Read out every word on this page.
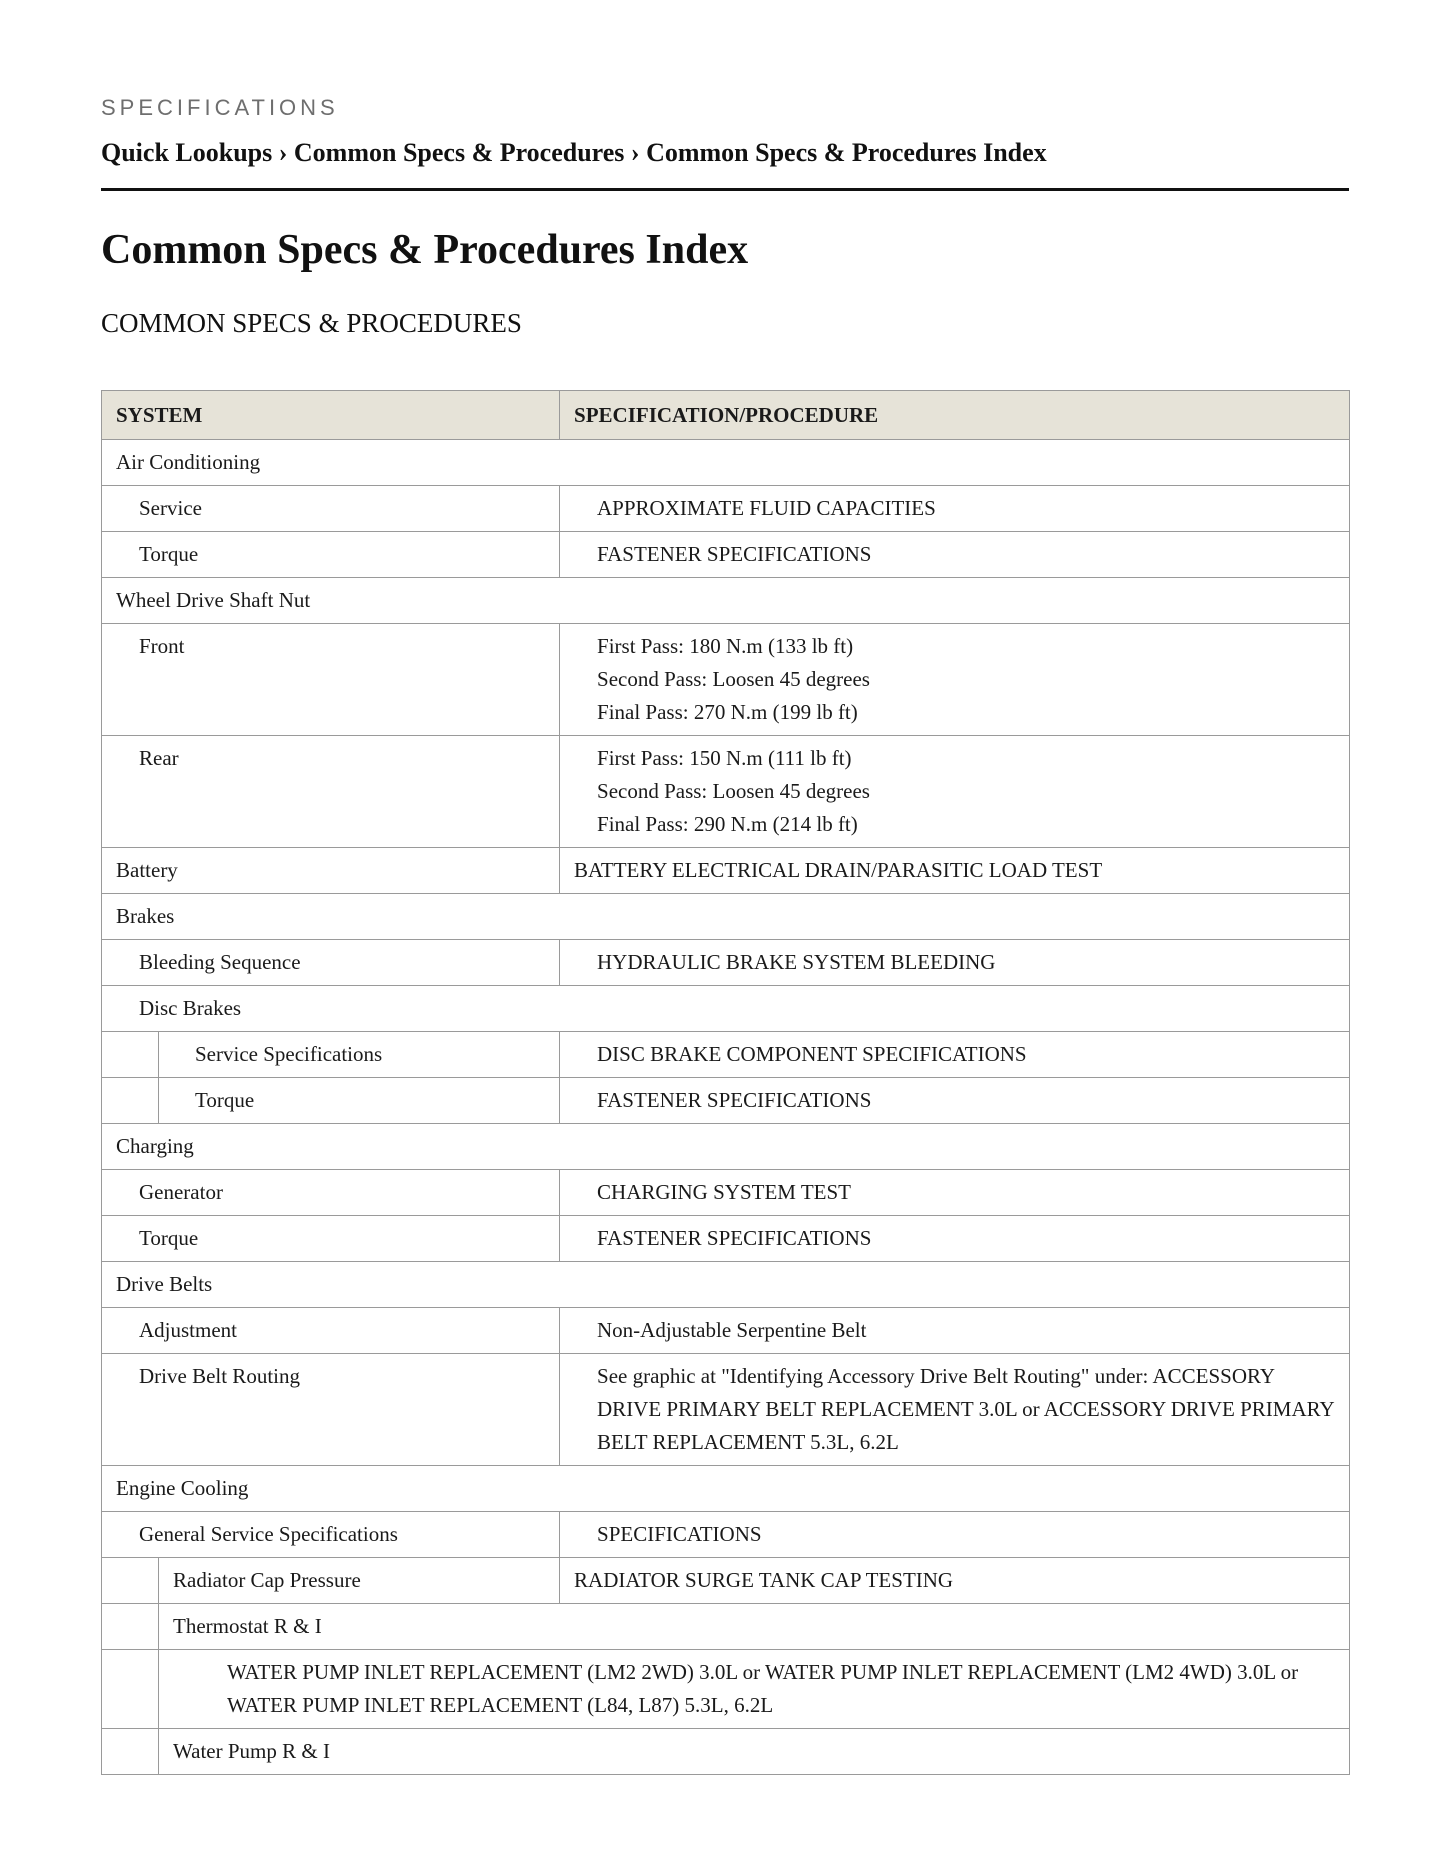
SPECIFICATIONS
Quick Lookups › Common Specs & Procedures › Common Specs & Procedures Index
Common Specs & Procedures Index
COMMON SPECS & PROCEDURES
SYSTEM		SPECIFICATION/PROCEDURE
Air Conditioning		
Service		APPROXIMATE FLUID CAPACITIES
Torque		FASTENER SPECIFICATIONS
Wheel Drive Shaft Nut		
Front		First Pass: 180 N.m (133 lb ft)
Second Pass: Loosen 45 degrees
Final Pass: 270 N.m (199 lb ft)

Rear		First Pass: 150 N.m (111 lb ft)
Second Pass: Loosen 45 degrees
Final Pass: 290 N.m (214 lb ft)

Battery		BATTERY ELECTRICAL DRAIN/PARASITIC LOAD TEST
Brakes		
Bleeding Sequence		HYDRAULIC BRAKE SYSTEM BLEEDING
Disc Brakes		
	Service Specifications	DISC BRAKE COMPONENT SPECIFICATIONS
	Torque	FASTENER SPECIFICATIONS
Charging		
Generator		CHARGING SYSTEM TEST
Torque		FASTENER SPECIFICATIONS
Drive Belts		
Adjustment		Non-Adjustable Serpentine Belt
Drive Belt Routing		See graphic at "Identifying Accessory Drive Belt Routing" under: ACCESSORY DRIVE PRIMARY BELT REPLACEMENT 3.0L or ACCESSORY DRIVE PRIMARY BELT REPLACEMENT 5.3L, 6.2L
Engine Cooling		
General Service Specifications		SPECIFICATIONS
	Radiator Cap Pressure	RADIATOR SURGE TANK CAP TESTING
	Thermostat R & I	
	WATER PUMP INLET REPLACEMENT (LM2 2WD) 3.0L or WATER PUMP INLET REPLACEMENT (LM2 4WD) 3.0L or WATER PUMP INLET REPLACEMENT (L84, L87) 5.3L, 6.2L	
	Water Pump R & I	
